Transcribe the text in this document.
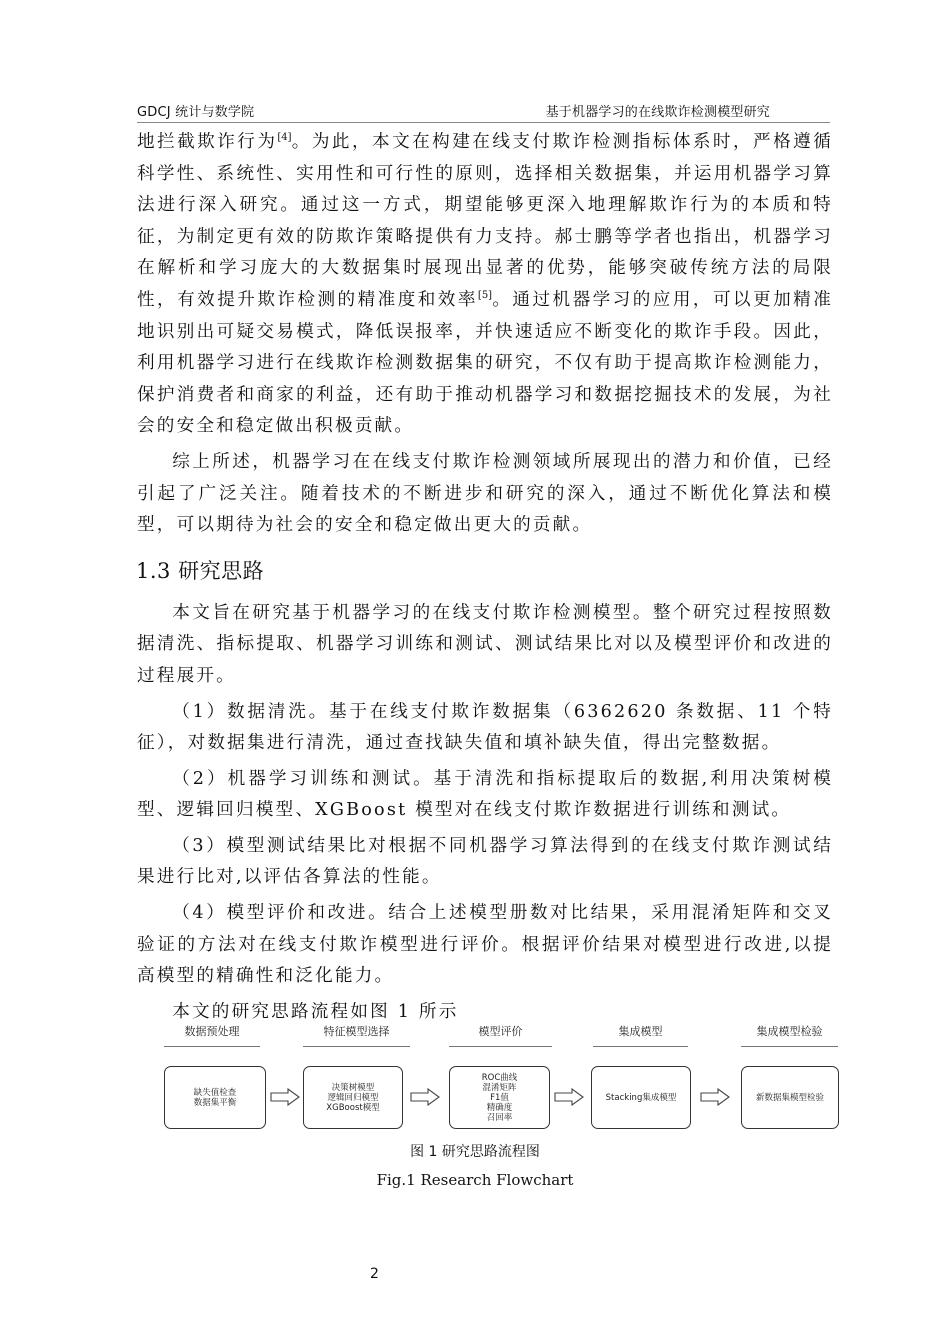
GDCJ 统计与数学院	基于机器学习的在线欺诈检测模型研究

地拦截欺诈行为[4]。为此，本文在构建在线支付欺诈检测指标体系时，严格遵循科学性、系统性、实用性和可行性的原则，选择相关数据集，并运用机器学习算法进行深入研究。通过这一方式，期望能够更深入地理解欺诈行为的本质和特征，为制定更有效的防欺诈策略提供有力支持。郝士鹏等学者也指出，机器学习在解析和学习庞大的大数据集时展现出显著的优势，能够突破传统方法的局限性，有效提升欺诈检测的精准度和效率[5]。通过机器学习的应用，可以更加精准地识别出可疑交易模式，降低误报率，并快速适应不断变化的欺诈手段。因此，利用机器学习进行在线欺诈检测数据集的研究，不仅有助于提高欺诈检测能力，保护消费者和商家的利益，还有助于推动机器学习和数据挖掘技术的发展，为社会的安全和稳定做出积极贡献。

综上所述，机器学习在在线支付欺诈检测领域所展现出的潜力和价值，已经引起了广泛关注。随着技术的不断进步和研究的深入，通过不断优化算法和模型，可以期待为社会的安全和稳定做出更大的贡献。

1.3 研究思路

本文旨在研究基于机器学习的在线支付欺诈检测模型。整个研究过程按照数据清洗、指标提取、机器学习训练和测试、测试结果比对以及模型评价和改进的过程展开。

（1）数据清洗。基于在线支付欺诈数据集（6362620 条数据、11 个特征），对数据集进行清洗，通过查找缺失值和填补缺失值，得出完整数据。

（2）机器学习训练和测试。基于清洗和指标提取后的数据,利用决策树模型、逻辑回归模型、XGBoost 模型对在线支付欺诈数据进行训练和测试。

（3）模型测试结果比对根据不同机器学习算法得到的在线支付欺诈测试结果进行比对,以评估各算法的性能。

（4）模型评价和改进。结合上述模型册数对比结果，采用混淆矩阵和交叉验证的方法对在线支付欺诈模型进行评价。根据评价结果对模型进行改进,以提高模型的精确性和泛化能力。

本文的研究思路流程如图 1 所示

数据预处理	特征模型选择	模型评价	集成模型	集成模型检验
缺失值检查
数据集平衡
决策树模型
逻辑回归模型
XGBoost模型
ROC曲线
混淆矩阵
F1值
精确度
召回率
Stacking集成模型	新数据集模型检验
图 1 研究思路流程图
Fig.1 Research Flowchart
2
